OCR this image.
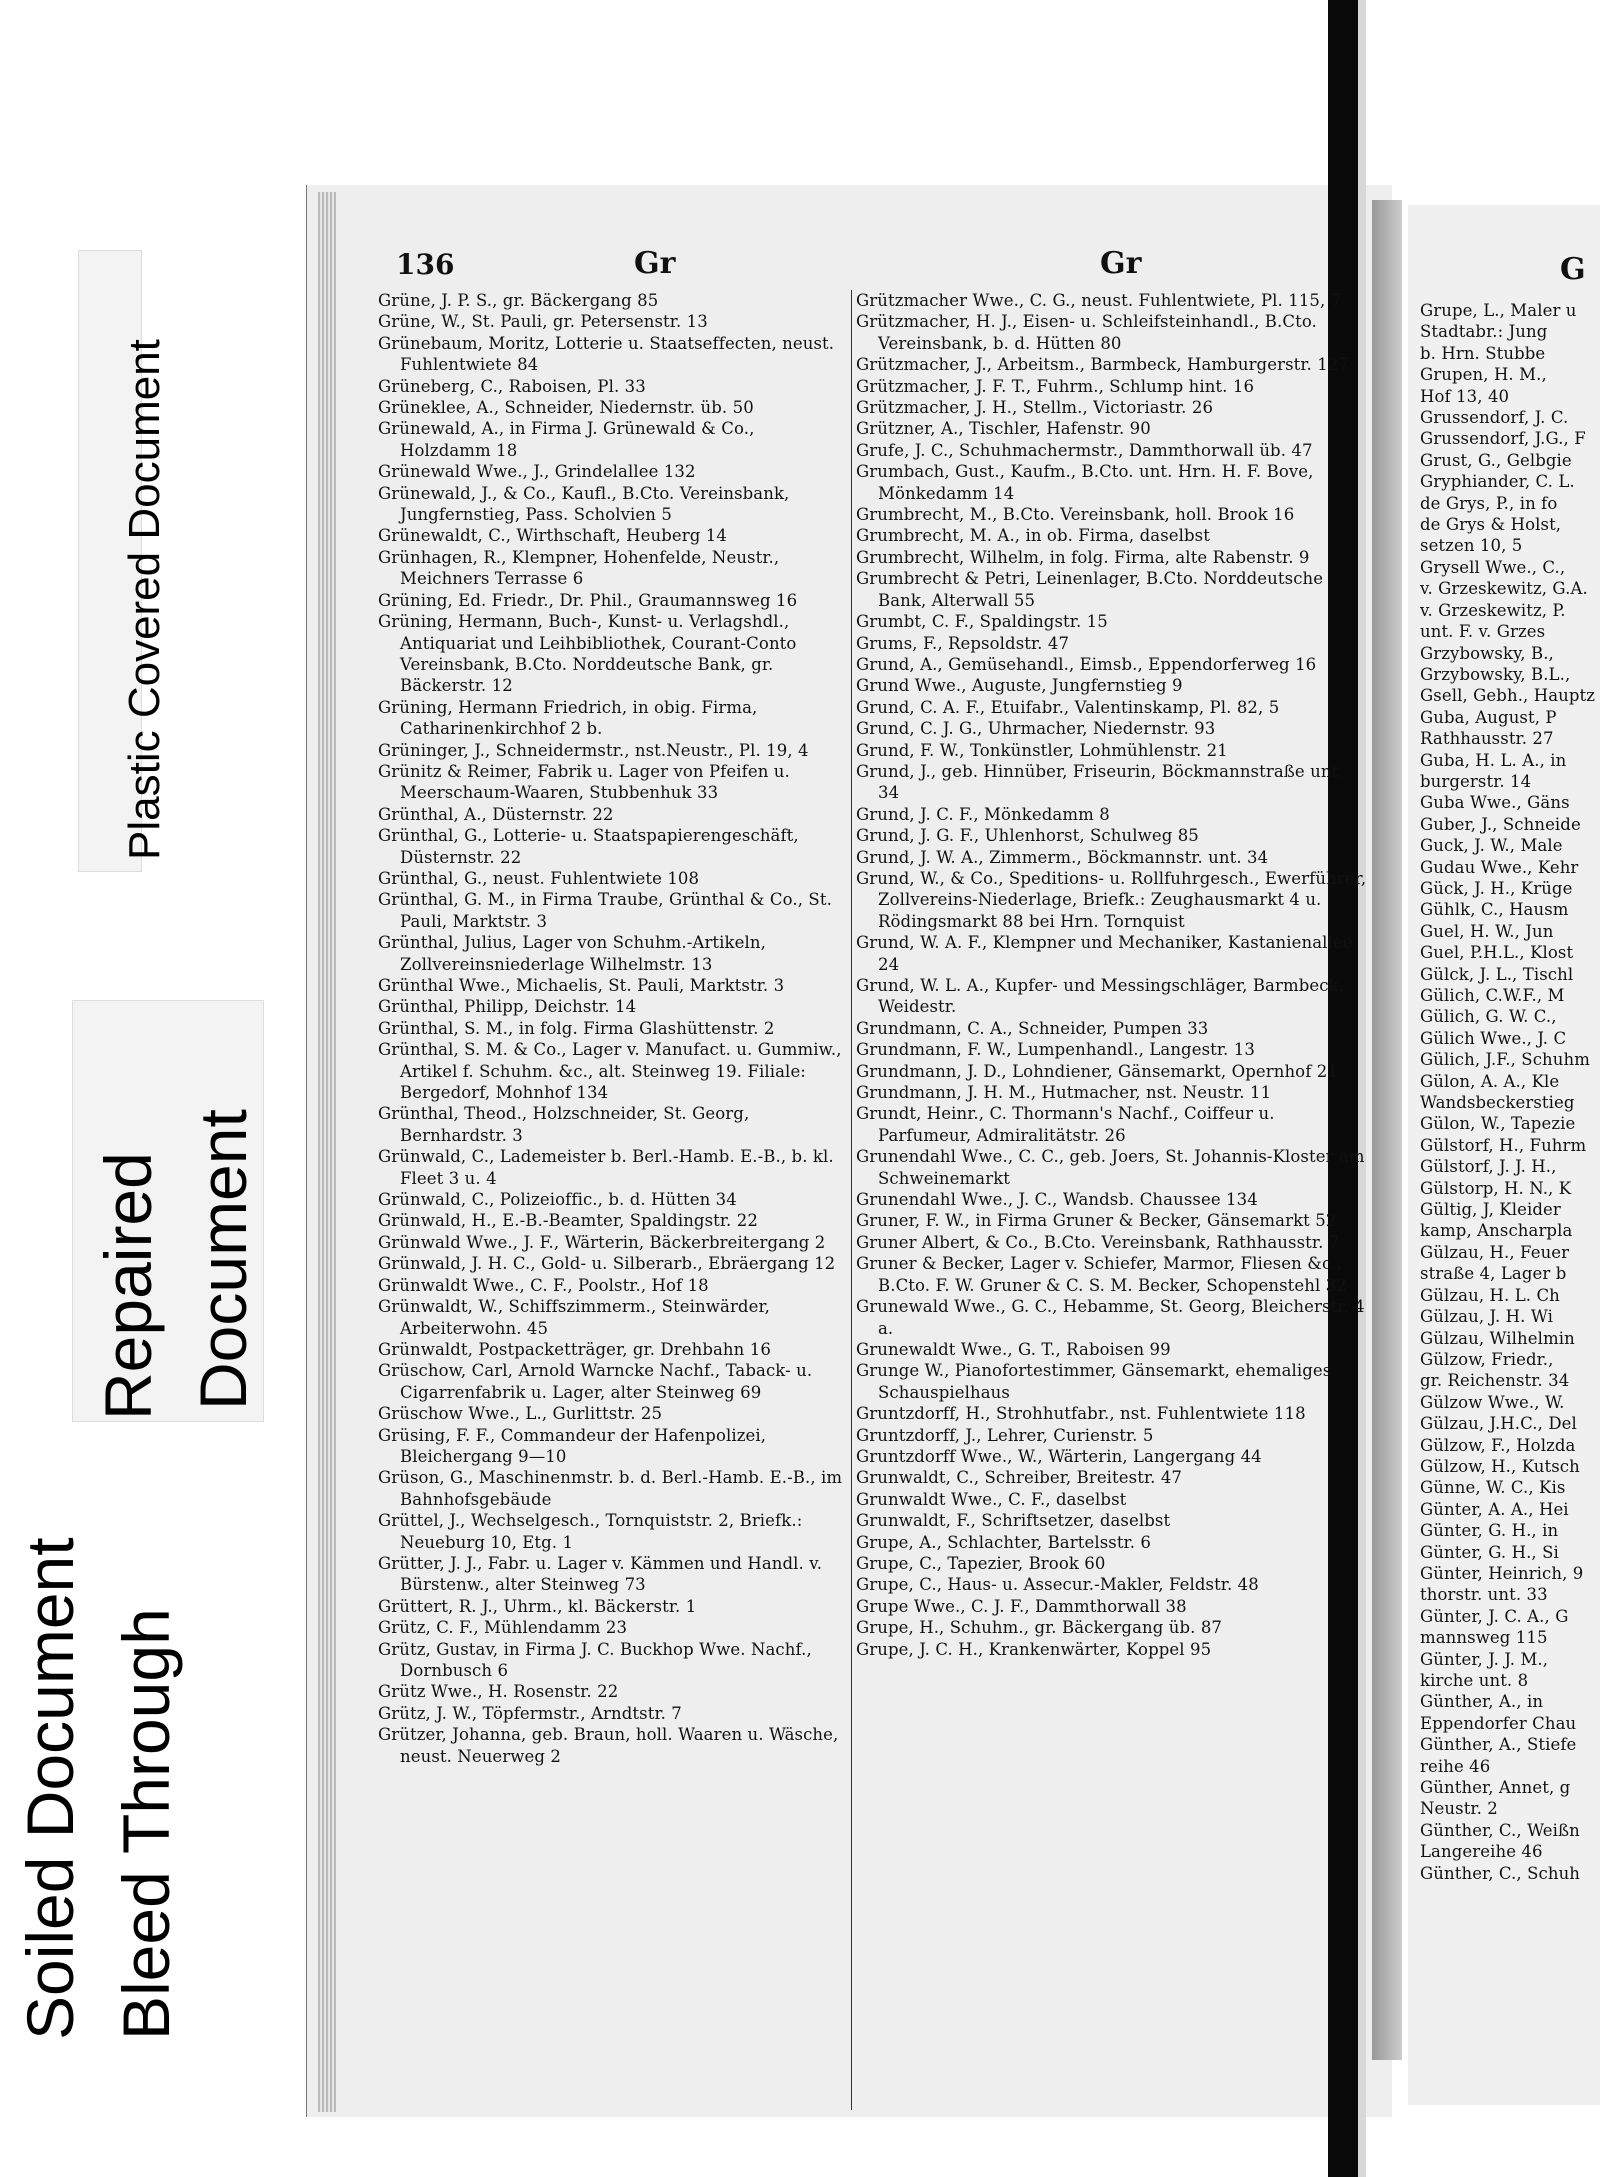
Plastic Covered Document
Repaired Document
Soiled Document Bleed Through
136	Gr	Gr	G
Grüne, J. P. S., gr. Bäckergang 85
Grüne, W., St. Pauli, gr. Petersenstr. 13
Grünebaum, Moritz, Lotterie u. Staatseffecten, neust. Fuhlentwiete 84
Grüneberg, C., Raboisen, Pl. 33
Grüneklee, A., Schneider, Niedernstr. üb. 50
Grünewald, A., in Firma J. Grünewald & Co., Holzdamm 18
Grünewald Wwe., J., Grindelallee 132
Grünewald, J., & Co., Kaufl., B.Cto. Vereinsbank, Jungfernstieg, Pass. Scholvien 5
Grünewaldt, C., Wirthschaft, Heuberg 14
Grünhagen, R., Klempner, Hohenfelde, Neustr., Meichners Terrasse 6
Grüning, Ed. Friedr., Dr. Phil., Graumannsweg 16
Grüning, Hermann, Buch-, Kunst- u. Verlagshdl., Antiquariat und Leihbibliothek, Courant-Conto Vereinsbank, B.Cto. Norddeutsche Bank, gr. Bäckerstr. 12
Grüning, Hermann Friedrich, in obig. Firma, Catharinenkirchhof 2 b.
Grüninger, J., Schneidermstr., nst.Neustr., Pl. 19, 4
Grünitz & Reimer, Fabrik u. Lager von Pfeifen u. Meerschaum-Waaren, Stubbenhuk 33
Grünthal, A., Düsternstr. 22
Grünthal, G., Lotterie- u. Staatspapierengeschäft, Düsternstr. 22
Grünthal, G., neust. Fuhlentwiete 108
Grünthal, G. M., in Firma Traube, Grünthal & Co., St. Pauli, Marktstr. 3
Grünthal, Julius, Lager von Schuhm.-Artikeln, Zollvereinsniederlage Wilhelmstr. 13
Grünthal Wwe., Michaelis, St. Pauli, Marktstr. 3
Grünthal, Philipp, Deichstr. 14
Grünthal, S. M., in folg. Firma Glashüttenstr. 2
Grünthal, S. M. & Co., Lager v. Manufact. u. Gummiw., Artikel f. Schuhm. &c., alt. Steinweg 19. Filiale: Bergedorf, Mohnhof 134
Grünthal, Theod., Holzschneider, St. Georg, Bernhardstr. 3
Grünwald, C., Lademeister b. Berl.-Hamb. E.-B., b. kl. Fleet 3 u. 4
Grünwald, C., Polizeioffic., b. d. Hütten 34
Grünwald, H., E.-B.-Beamter, Spaldingstr. 22
Grünwald Wwe., J. F., Wärterin, Bäckerbreitergang 2
Grünwald, J. H. C., Gold- u. Silberarb., Ebräergang 12
Grünwaldt Wwe., C. F., Poolstr., Hof 18
Grünwaldt, W., Schiffszimmerm., Steinwärder, Arbeiterwohn. 45
Grünwaldt, Postpacketträger, gr. Drehbahn 16
Grüschow, Carl, Arnold Warncke Nachf., Taback- u. Cigarrenfabrik u. Lager, alter Steinweg 69
Grüschow Wwe., L., Gurlittstr. 25
Grüsing, F. F., Commandeur der Hafenpolizei, Bleichergang 9—10
Grüson, G., Maschinenmstr. b. d. Berl.-Hamb. E.-B., im Bahnhofsgebäude
Grüttel, J., Wechselgesch., Tornquiststr. 2, Briefk.: Neueburg 10, Etg. 1
Grütter, J. J., Fabr. u. Lager v. Kämmen und Handl. v. Bürstenw., alter Steinweg 73
Grüttert, R. J., Uhrm., kl. Bäckerstr. 1
Grütz, C. F., Mühlendamm 23
Grütz, Gustav, in Firma J. C. Buckhop Wwe. Nachf., Dornbusch 6
Grütz Wwe., H. Rosenstr. 22
Grütz, J. W., Töpfermstr., Arndtstr. 7
Grützer, Johanna, geb. Braun, holl. Waaren u. Wäsche, neust. Neuerweg 2
Grützmacher Wwe., C. G., neust. Fuhlentwiete, Pl. 115, 7
Grützmacher, H. J., Eisen- u. Schleifsteinhandl., B.Cto. Vereinsbank, b. d. Hütten 80
Grützmacher, J., Arbeitsm., Barmbeck, Hamburgerstr. 127
Grützmacher, J. F. T., Fuhrm., Schlump hint. 16
Grützmacher, J. H., Stellm., Victoriastr. 26
Grützner, A., Tischler, Hafenstr. 90
Grufe, J. C., Schuhmachermstr., Dammthorwall üb. 47
Grumbach, Gust., Kaufm., B.Cto. unt. Hrn. H. F. Bove, Mönkedamm 14
Grumbrecht, M., B.Cto. Vereinsbank, holl. Brook 16
Grumbrecht, M. A., in ob. Firma, daselbst
Grumbrecht, Wilhelm, in folg. Firma, alte Rabenstr. 9
Grumbrecht & Petri, Leinenlager, B.Cto. Norddeutsche Bank, Alterwall 55
Grumbt, C. F., Spaldingstr. 15
Grums, F., Repsoldstr. 47
Grund, A., Gemüsehandl., Eimsb., Eppendorferweg 16
Grund Wwe., Auguste, Jungfernstieg 9
Grund, C. A. F., Etuifabr., Valentinskamp, Pl. 82, 5
Grund, C. J. G., Uhrmacher, Niedernstr. 93
Grund, F. W., Tonkünstler, Lohmühlenstr. 21
Grund, J., geb. Hinnüber, Friseurin, Böckmannstraße unt. 34
Grund, J. C. F., Mönkedamm 8
Grund, J. G. F., Uhlenhorst, Schulweg 85
Grund, J. W. A., Zimmerm., Böckmannstr. unt. 34
Grund, W., & Co., Speditions- u. Rollfuhrgesch., Ewerführer, Zollvereins-Niederlage, Briefk.: Zeughausmarkt 4 u. Rödingsmarkt 88 bei Hrn. Tornquist
Grund, W. A. F., Klempner und Mechaniker, Kastanienallee 24
Grund, W. L. A., Kupfer- und Messingschläger, Barmbeck, Weidestr.
Grundmann, C. A., Schneider, Pumpen 33
Grundmann, F. W., Lumpenhandl., Langestr. 13
Grundmann, J. D., Lohndiener, Gänsemarkt, Opernhof 21
Grundmann, J. H. M., Hutmacher, nst. Neustr. 11
Grundt, Heinr., C. Thormann's Nachf., Coiffeur u. Parfumeur, Admiralitätstr. 26
Grunendahl Wwe., C. C., geb. Joers, St. Johannis-Kloster am Schweinemarkt
Grunendahl Wwe., J. C., Wandsb. Chaussee 134
Gruner, F. W., in Firma Gruner & Becker, Gänsemarkt 52
Gruner Albert, & Co., B.Cto. Vereinsbank, Rathhausstr. 7
Gruner & Becker, Lager v. Schiefer, Marmor, Fliesen &c., B.Cto. F. W. Gruner & C. S. M. Becker, Schopenstehl 32
Grunewald Wwe., G. C., Hebamme, St. Georg, Bleicherstr. 4 a.
Grunewaldt Wwe., G. T., Raboisen 99
Grunge W., Pianofortestimmer, Gänsemarkt, ehemaliges Schauspielhaus
Gruntzdorff, H., Strohhutfabr., nst. Fuhlentwiete 118
Gruntzdorff, J., Lehrer, Curienstr. 5
Gruntzdorff Wwe., W., Wärterin, Langergang 44
Grunwaldt, C., Schreiber, Breitestr. 47
Grunwaldt Wwe., C. F., daselbst
Grunwaldt, F., Schriftsetzer, daselbst
Grupe, A., Schlachter, Bartelsstr. 6
Grupe, C., Tapezier, Brook 60
Grupe, C., Haus- u. Assecur.-Makler, Feldstr. 48
Grupe Wwe., C. J. F., Dammthorwall 38
Grupe, H., Schuhm., gr. Bäckergang üb. 87
Grupe, J. C. H., Krankenwärter, Koppel 95
Grupe, L., Maler u
Stadtabr.: Jung
b. Hrn. Stubbe
Grupen, H. M.,
Hof 13, 40
Grussendorf, J. C.
Grussendorf, J.G., F
Grust, G., Gelbgie
Gryphiander, C. L.
de Grys, P., in fo
de Grys & Holst,
setzen 10, 5
Grysell Wwe., C.,
v. Grzeskewitz, G.A.
v. Grzeskewitz, P.
unt. F. v. Grzes
Grzybowsky, B.,
Grzybowsky, B.L.,
Gsell, Gebh., Hauptz
Guba, August, P
Rathhausstr. 27
Guba, H. L. A., in
burgerstr. 14
Guba Wwe., Gäns
Guber, J., Schneide
Guck, J. W., Male
Gudau Wwe., Kehr
Gück, J. H., Krüge
Gühlk, C., Hausm
Guel, H. W., Jun
Guel, P.H.L., Klost
Gülck, J. L., Tischl
Gülich, C.W.F., M
Gülich, G. W. C.,
Gülich Wwe., J. C
Gülich, J.F., Schuhm
Gülon, A. A., Kle
Wandsbeckerstieg
Gülon, W., Tapezie
Gülstorf, H., Fuhrm
Gülstorf, J. J. H.,
Gülstorp, H. N., K
Gültig, J, Kleider
kamp, Anscharpla
Gülzau, H., Feuer
straße 4, Lager b
Gülzau, H. L. Ch
Gülzau, J. H. Wi
Gülzau, Wilhelmin
Gülzow, Friedr.,
gr. Reichenstr. 34
Gülzow Wwe., W.
Gülzau, J.H.C., Del
Gülzow, F., Holzda
Gülzow, H., Kutsch
Günne, W. C., Kis
Günter, A. A., Hei
Günter, G. H., in
Günter, G. H., Si
Günter, Heinrich, 9
thorstr. unt. 33
Günter, J. C. A., G
mannsweg 115
Günter, J. J. M.,
kirche unt. 8
Günther, A., in
Eppendorfer Chau
Günther, A., Stiefe
reihe 46
Günther, Annet, g
Neustr. 2
Günther, C., Weißn
Langereihe 46
Günther, C., Schuh
